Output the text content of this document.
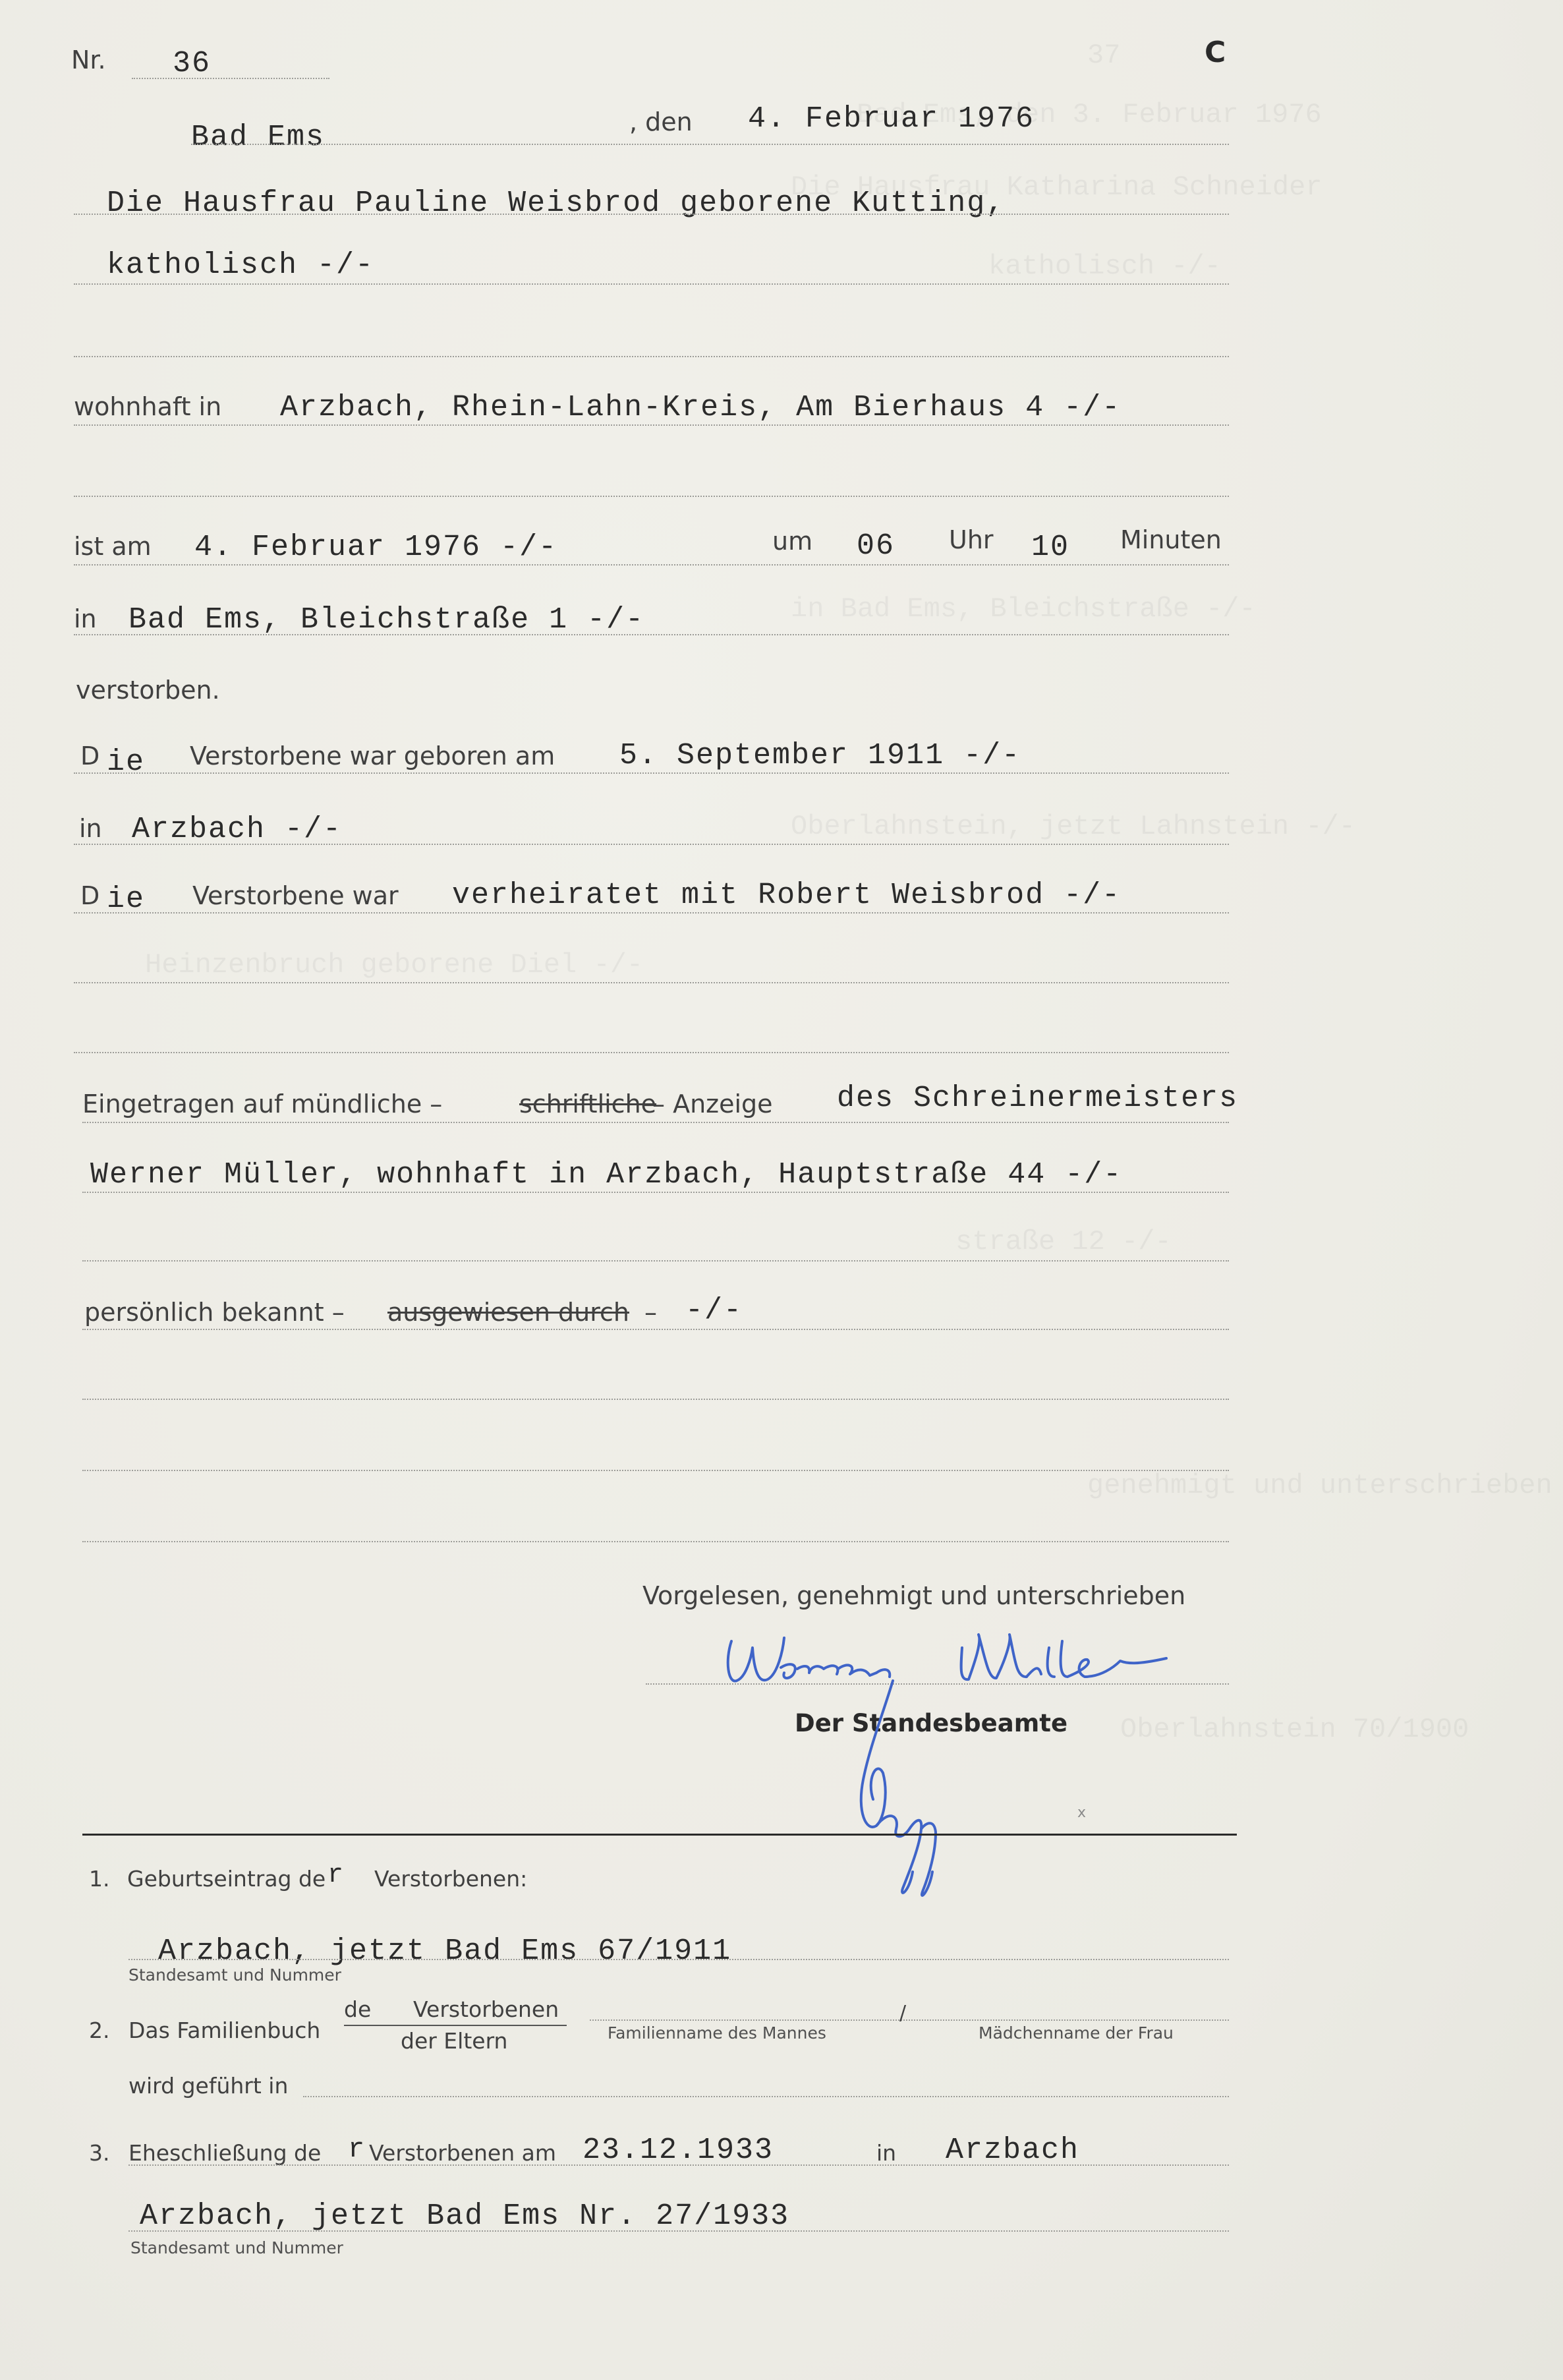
Nr. 36	C
Bad Ems	, den 4. Februar 1976
Die Hausfrau Pauline Weisbrod geborene Kutting,
katholisch -/-
wohnhaft in Arzbach, Rhein-Lahn-Kreis, Am Bierhaus 4 -/-
ist am 4. Februar 1976 -/-	um 06 Uhr 10 Minuten
in Bad Ems, Bleichstraße 1 -/-
verstorben.
D ie Verstorbene war geboren am 5. September 1911 -/-
in Arzbach -/-
D ie Verstorbene war verheiratet mit Robert Weisbrod -/-
Eingetragen auf mündliche –	schriftliche
– Anzeige des Schreinermeisters
Werner Müller, wohnhaft in Arzbach, Hauptstraße 44 -/-
persönlich bekannt – ausgewiesen durch – -/-
Vorgelesen, genehmigt und unterschrieben
Der Standesbeamte
x
1. Geburtseintrag de r Verstorbenen:
Arzbach, jetzt Bad Ems 67/1911
Standesamt und Nummer
2. Das Familienbuch
de Verstorbenen
der Eltern	Familienname des Mannes
/
Mädchenname der Frau
wird geführt in
3. Eheschließung de r Verstorbenen am 23.12.1933	in Arzbach
Arzbach, jetzt Bad Ems Nr. 27/1933
Standesamt und Nummer
